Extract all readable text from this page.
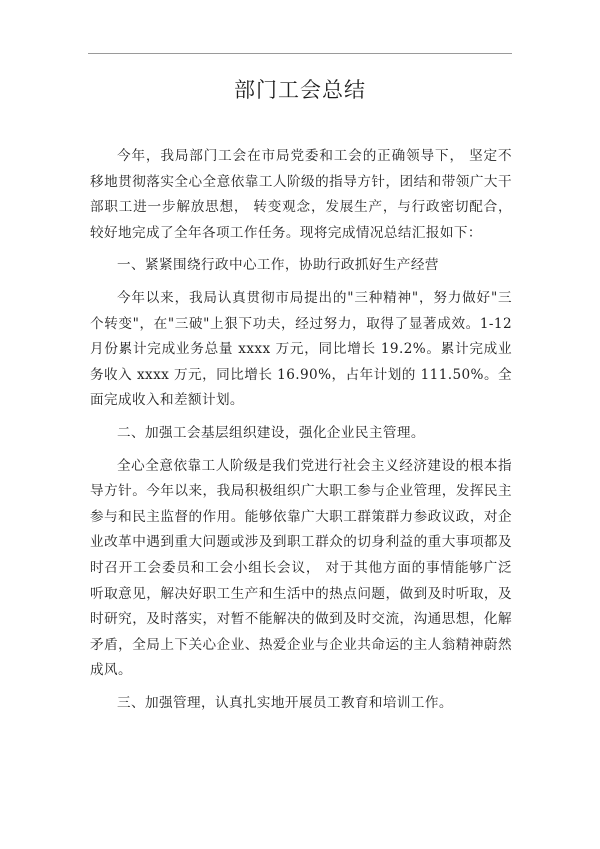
部门工会总结

今年，我局部门工会在市局党委和工会的正确领导下， 坚定不移地贯彻落实全心全意依靠工人阶级的指导方针，团结和带领广大干部职工进一步解放思想， 转变观念，发展生产，与行政密切配合， 较好地完成了全年各项工作任务。现将完成情况总结汇报如下：

一、紧紧围绕行政中心工作，协助行政抓好生产经营

今年以来，我局认真贯彻市局提出的"三种精神"，努力做好"三个转变"，在"三破"上狠下功夫，经过努力，取得了显著成效。1-12 月份累计完成业务总量 xxxx 万元，同比增长 19.2%。累计完成业务收入 xxxx 万元，同比增长 16.90%，占年计划的 111.50%。全面完成收入和差额计划。

二、加强工会基层组织建设，强化企业民主管理。

全心全意依靠工人阶级是我们党进行社会主义经济建设的根本指导方针。今年以来，我局积极组织广大职工参与企业管理，发挥民主参与和民主监督的作用。能够依靠广大职工群策群力参政议政，对企业改革中遇到重大问题或涉及到职工群众的切身利益的重大事项都及时召开工会委员和工会小组长会议， 对于其他方面的事情能够广泛听取意见，解决好职工生产和生活中的热点问题，做到及时听取，及时研究，及时落实，对暂不能解决的做到及时交流，沟通思想，化解矛盾，全局上下关心企业、热爱企业与企业共命运的主人翁精神蔚然成风。

三、加强管理，认真扎实地开展员工教育和培训工作。
